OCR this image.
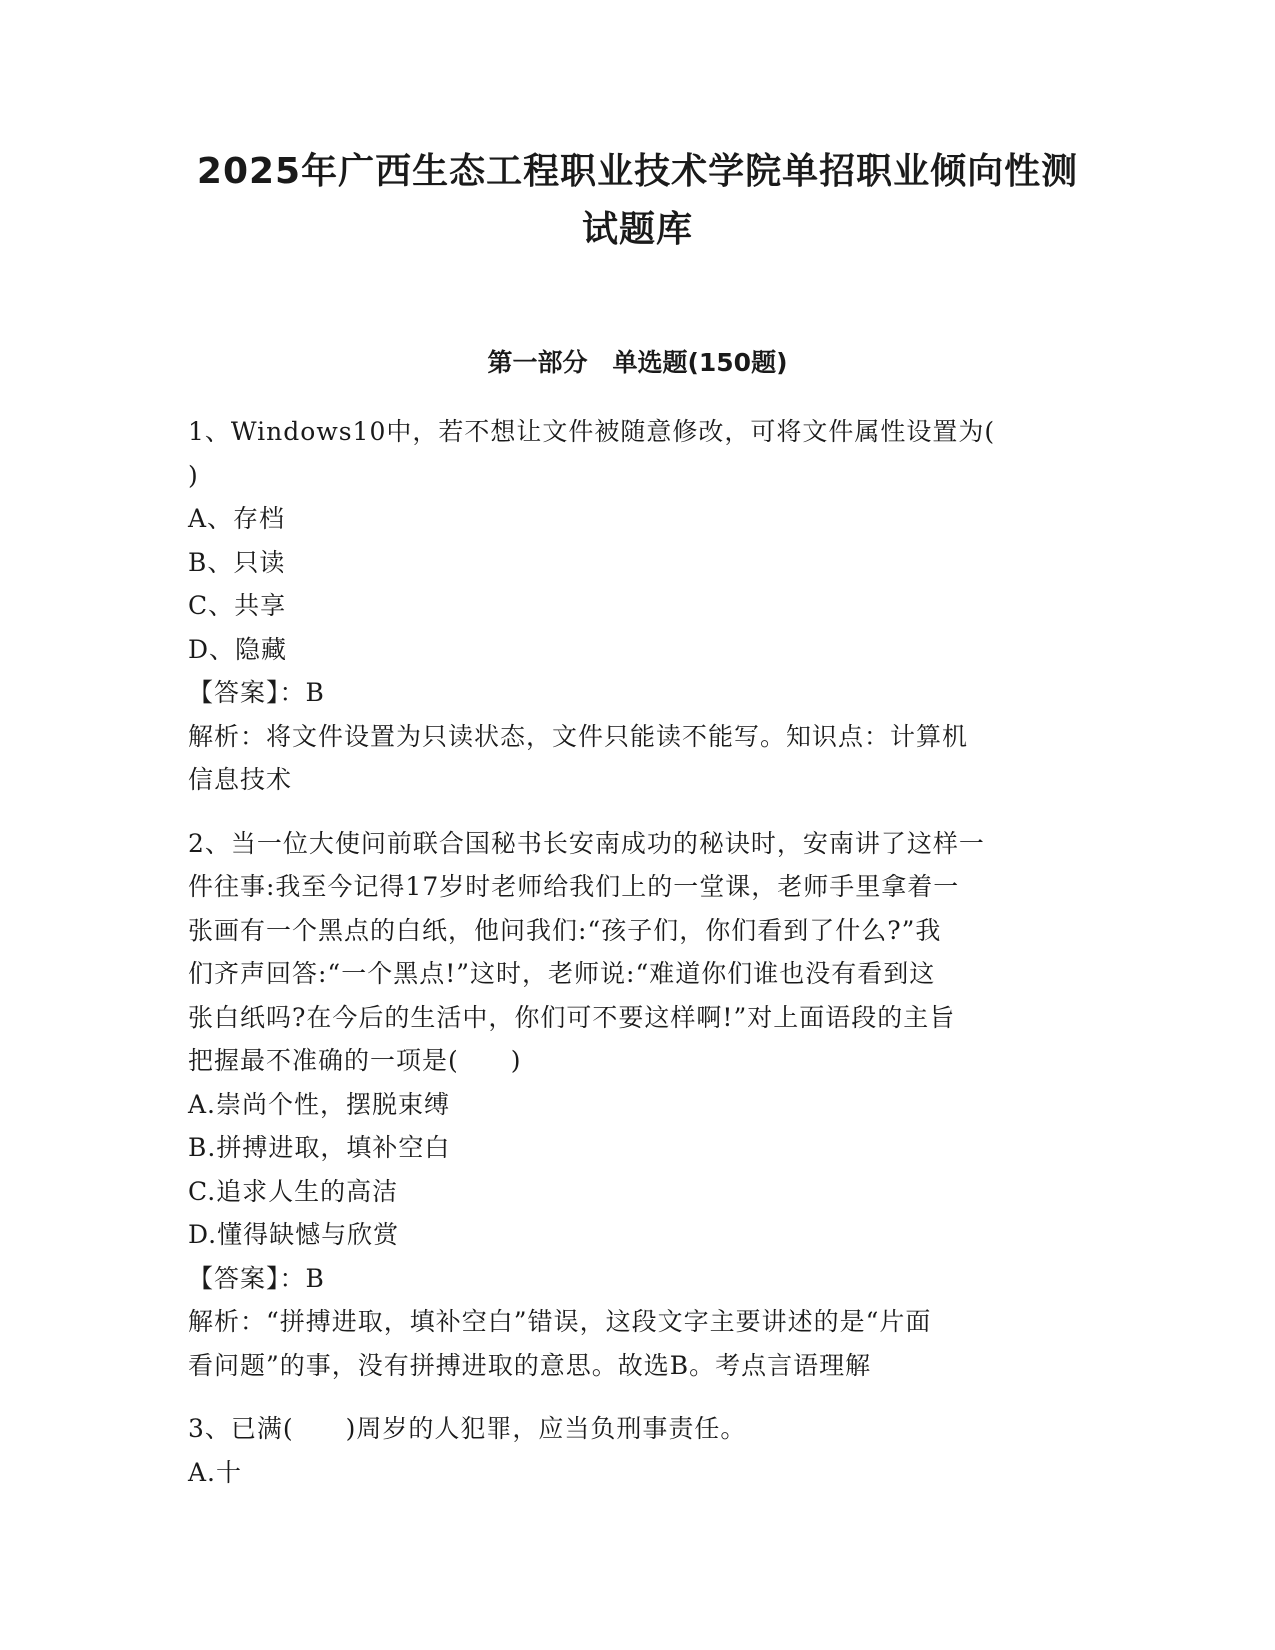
2025年广西生态工程职业技术学院单招职业倾向性测
试题库
第一部分　单选题(150题)
1、Windows10中，若不想让文件被随意修改，可将文件属性设置为(
)
A、存档
B、只读
C、共享
D、隐藏
【答案】：B
解析：将文件设置为只读状态，文件只能读不能写。知识点：计算机
信息技术
2、当一位大使问前联合国秘书长安南成功的秘诀时，安南讲了这样一
件往事:我至今记得17岁时老师给我们上的一堂课，老师手里拿着一
张画有一个黑点的白纸，他问我们:“孩子们，你们看到了什么?”我
们齐声回答:“一个黑点!”这时，老师说:“难道你们谁也没有看到这
张白纸吗?在今后的生活中，你们可不要这样啊!”对上面语段的主旨
把握最不准确的一项是(　　)
A.崇尚个性，摆脱束缚
B.拼搏进取，填补空白
C.追求人生的高洁
D.懂得缺憾与欣赏
【答案】：B
解析：“拼搏进取，填补空白”错误，这段文字主要讲述的是“片面
看问题”的事，没有拼搏进取的意思。故选B。考点言语理解
3、已满(　　)周岁的人犯罪，应当负刑事责任。
A.十
